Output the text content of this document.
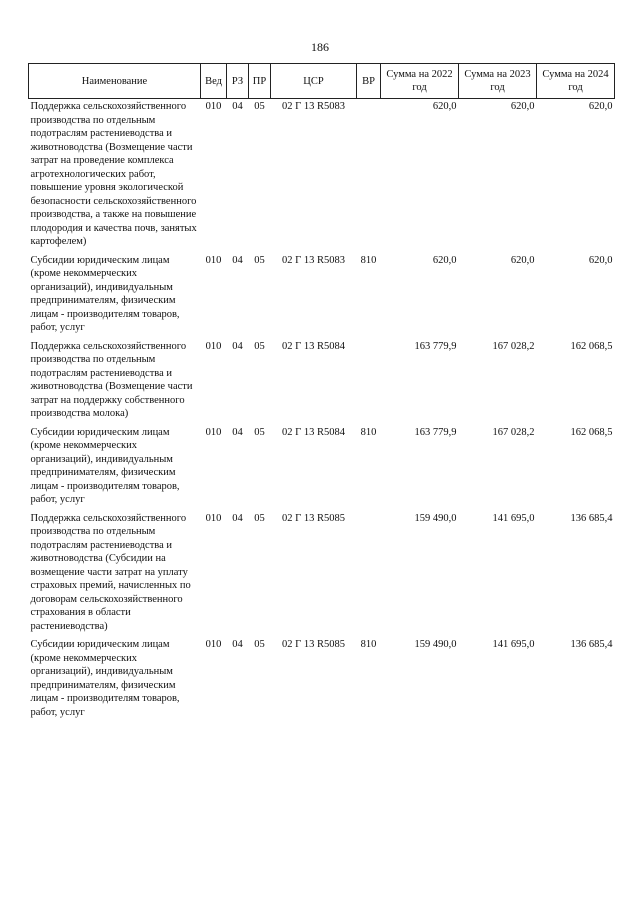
186
Наименование	Вед	РЗ	ПР	ЦСР	ВР	Сумма на 2022 год	Сумма на 2023 год	Сумма на 2024 год
Поддержка сельскохозяйственного производства по отдельным подотраслям растениеводства и животноводства (Возмещение части затрат на проведение комплекса агротехнологических работ, повышение уровня экологической безопасности сельскохозяйственного производства, а также на повышение плодородия и качества почв, занятых картофелем)	010	04	05	02 Г 13 R5083		620,0	620,0	620,0
Субсидии юридическим лицам (кроме некоммерческих организаций), индивидуальным предпринимателям, физическим лицам - производителям товаров, работ, услуг	010	04	05	02 Г 13 R5083	810	620,0	620,0	620,0
Поддержка сельскохозяйственного производства по отдельным подотраслям растениеводства и животноводства (Возмещение части затрат на поддержку собственного производства молока)	010	04	05	02 Г 13 R5084		163 779,9	167 028,2	162 068,5
Субсидии юридическим лицам (кроме некоммерческих организаций), индивидуальным предпринимателям, физическим лицам - производителям товаров, работ, услуг	010	04	05	02 Г 13 R5084	810	163 779,9	167 028,2	162 068,5
Поддержка сельскохозяйственного производства по отдельным подотраслям растениеводства и животноводства (Субсидии на возмещение части затрат на уплату страховых премий, начисленных по договорам сельскохозяйственного страхования в области растениеводства)	010	04	05	02 Г 13 R5085		159 490,0	141 695,0	136 685,4
Субсидии юридическим лицам (кроме некоммерческих организаций), индивидуальным предпринимателям, физическим лицам - производителям товаров, работ, услуг	010	04	05	02 Г 13 R5085	810	159 490,0	141 695,0	136 685,4
